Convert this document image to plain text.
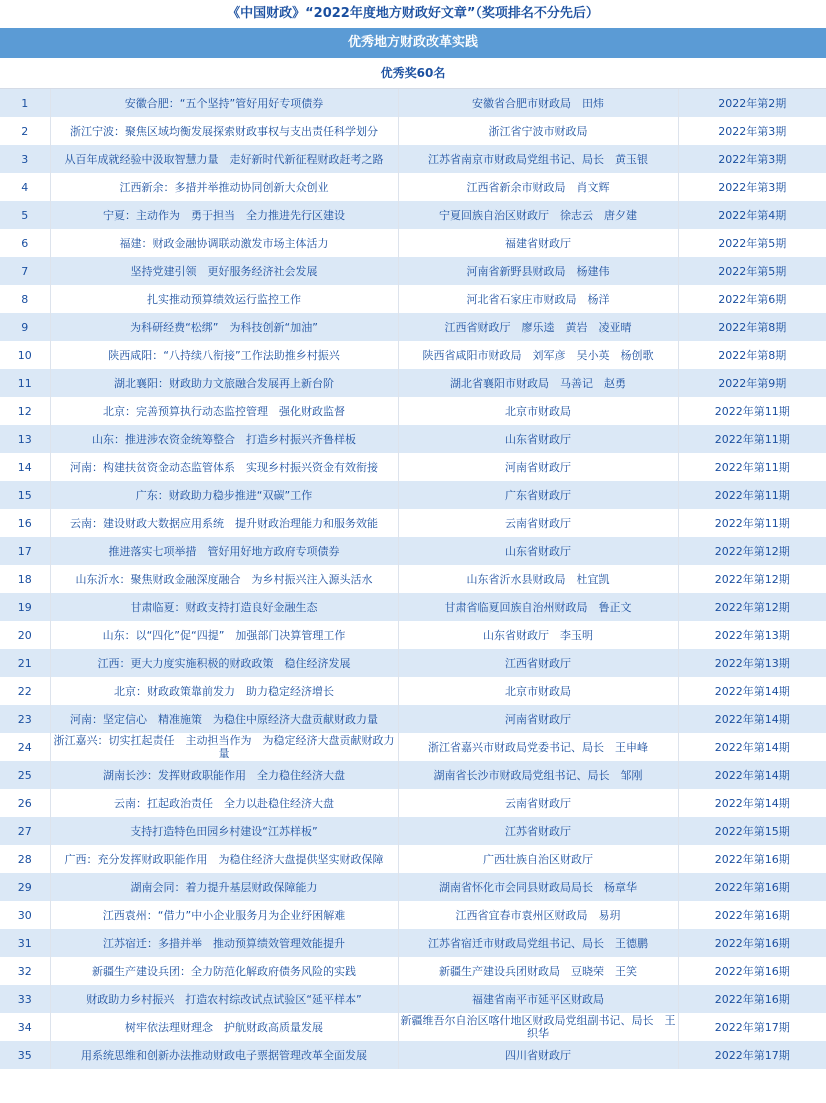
《中国财政》“2022年度地方财政好文章”（奖项排名不分先后）
优秀地方财政改革实践
优秀奖60名
1	安徽合肥：“五个坚持”管好用好专项债券	安徽省合肥市财政局　田炜	2022年第2期
2	浙江宁波：聚焦区域均衡发展探索财政事权与支出责任科学划分	浙江省宁波市财政局	2022年第3期
3	从百年成就经验中汲取智慧力量　走好新时代新征程财政赶考之路	江苏省南京市财政局党组书记、局长　黄玉银	2022年第3期
4	江西新余：多措并举推动协同创新大众创业	江西省新余市财政局　肖文辉	2022年第3期
5	宁夏：主动作为　勇于担当　全力推进先行区建设	宁夏回族自治区财政厅　徐志云　唐夕建	2022年第4期
6	福建：财政金融协调联动激发市场主体活力	福建省财政厅	2022年第5期
7	坚持党建引领　更好服务经济社会发展	河南省新野县财政局　杨建伟	2022年第5期
8	扎实推动预算绩效运行监控工作	河北省石家庄市财政局　杨洋	2022年第6期
9	为科研经费“松绑”　为科技创新“加油”	江西省财政厅　廖乐逵　黄岩　凌亚晴	2022年第8期
10	陕西咸阳：“八持续八衔接”工作法助推乡村振兴	陕西省咸阳市财政局　刘军彦　吴小英　杨创歌	2022年第8期
11	湖北襄阳：财政助力文旅融合发展再上新台阶	湖北省襄阳市财政局　马善记　赵勇	2022年第9期
12	北京：完善预算执行动态监控管理　强化财政监督	北京市财政局	2022年第11期
13	山东：推进涉农资金统筹整合　打造乡村振兴齐鲁样板	山东省财政厅	2022年第11期
14	河南：构建扶贫资金动态监管体系　实现乡村振兴资金有效衔接	河南省财政厅	2022年第11期
15	广东：财政助力稳步推进“双碳”工作	广东省财政厅	2022年第11期
16	云南：建设财政大数据应用系统　提升财政治理能力和服务效能	云南省财政厅	2022年第11期
17	推进落实七项举措　管好用好地方政府专项债券	山东省财政厅	2022年第12期
18	山东沂水：聚焦财政金融深度融合　为乡村振兴注入源头活水	山东省沂水县财政局　杜宜凯	2022年第12期
19	甘肃临夏：财政支持打造良好金融生态	甘肃省临夏回族自治州财政局　鲁正文	2022年第12期
20	山东：以“四化”促“四提”　加强部门决算管理工作	山东省财政厅　李玉明	2022年第13期
21	江西：更大力度实施积极的财政政策　稳住经济发展	江西省财政厅	2022年第13期
22	北京：财政政策靠前发力　助力稳定经济增长	北京市财政局	2022年第14期
23	河南：坚定信心　精准施策　为稳住中原经济大盘贡献财政力量	河南省财政厅	2022年第14期
24	浙江嘉兴：切实扛起责任　主动担当作为　为稳定经济大盘贡献财政力量	浙江省嘉兴市财政局党委书记、局长　王申峰	2022年第14期
25	湖南长沙：发挥财政职能作用　全力稳住经济大盘	湖南省长沙市财政局党组书记、局长　邹刚	2022年第14期
26	云南：扛起政治责任　全力以赴稳住经济大盘	云南省财政厅	2022年第14期
27	支持打造特色田园乡村建设“江苏样板”	江苏省财政厅	2022年第15期
28	广西：充分发挥财政职能作用　为稳住经济大盘提供坚实财政保障	广西壮族自治区财政厅	2022年第16期
29	湖南会同：着力提升基层财政保障能力	湖南省怀化市会同县财政局局长　杨章华	2022年第16期
30	江西袁州：“借力”中小企业服务月为企业纾困解难	江西省宜春市袁州区财政局　易玥	2022年第16期
31	江苏宿迁：多措并举　推动预算绩效管理效能提升	江苏省宿迁市财政局党组书记、局长　王德鹏	2022年第16期
32	新疆生产建设兵团：全力防范化解政府债务风险的实践	新疆生产建设兵团财政局　豆晓荣　王笑	2022年第16期
33	财政助力乡村振兴　打造农村综改试点试验区“延平样本”	福建省南平市延平区财政局	2022年第16期
34	树牢依法理财理念　护航财政高质量发展	新疆维吾尔自治区喀什地区财政局党组副书记、局长　王织华	2022年第17期
35	用系统思维和创新办法推动财政电子票据管理改革全面发展	四川省财政厅	2022年第17期
